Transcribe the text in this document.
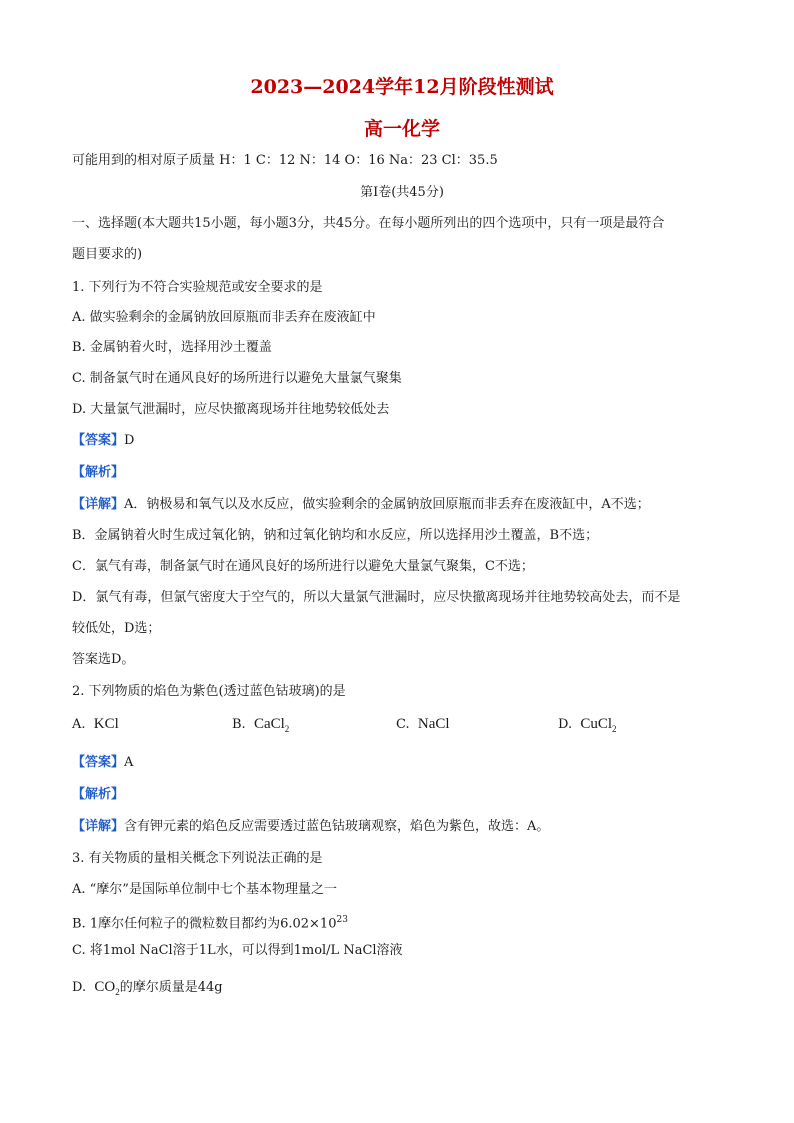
2023—2024学年12月阶段性测试
高一化学
可能用到的相对原子质量 H：1 C：12 N：14 O：16 Na：23 Cl：35.5
第Ⅰ卷(共45分)
一、选择题(本大题共15小题，每小题3分，共45分。在每小题所列出的四个选项中，只有一项是最符合
题目要求的)
1. 下列行为不符合实验规范或安全要求的是
A. 做实验剩余的金属钠放回原瓶而非丢弃在废液缸中
B. 金属钠着火时，选择用沙土覆盖
C. 制备氯气时在通风良好的场所进行以避免大量氯气聚集
D. 大量氯气泄漏时，应尽快撤离现场并往地势较低处去
【答案】D
【解析】
【详解】A．钠极易和氧气以及水反应，做实验剩余的金属钠放回原瓶而非丢弃在废液缸中，A不选；
B．金属钠着火时生成过氧化钠，钠和过氧化钠均和水反应，所以选择用沙土覆盖，B不选；
C．氯气有毒，制备氯气时在通风良好的场所进行以避免大量氯气聚集，C不选；
D．氯气有毒，但氯气密度大于空气的，所以大量氯气泄漏时，应尽快撤离现场并往地势较高处去，而不是
较低处，D选；
答案选D。
2. 下列物质的焰色为紫色(透过蓝色钴玻璃)的是
A. KCl	B. CaCl$_2$	C. NaCl	D. CuCl$_2$
【答案】A
【解析】
【详解】含有钾元素的焰色反应需要透过蓝色钴玻璃观察，焰色为紫色，故选：A。
3. 有关物质的量相关概念下列说法正确的是
A. “摩尔”是国际单位制中七个基本物理量之一
B. 1摩尔任何粒子的微粒数目都约为$6.02\times 10^{23}$
C. 将1mol NaCl溶于1L水，可以得到1mol/L NaCl溶液
D. $CO_2$的摩尔质量是44g
